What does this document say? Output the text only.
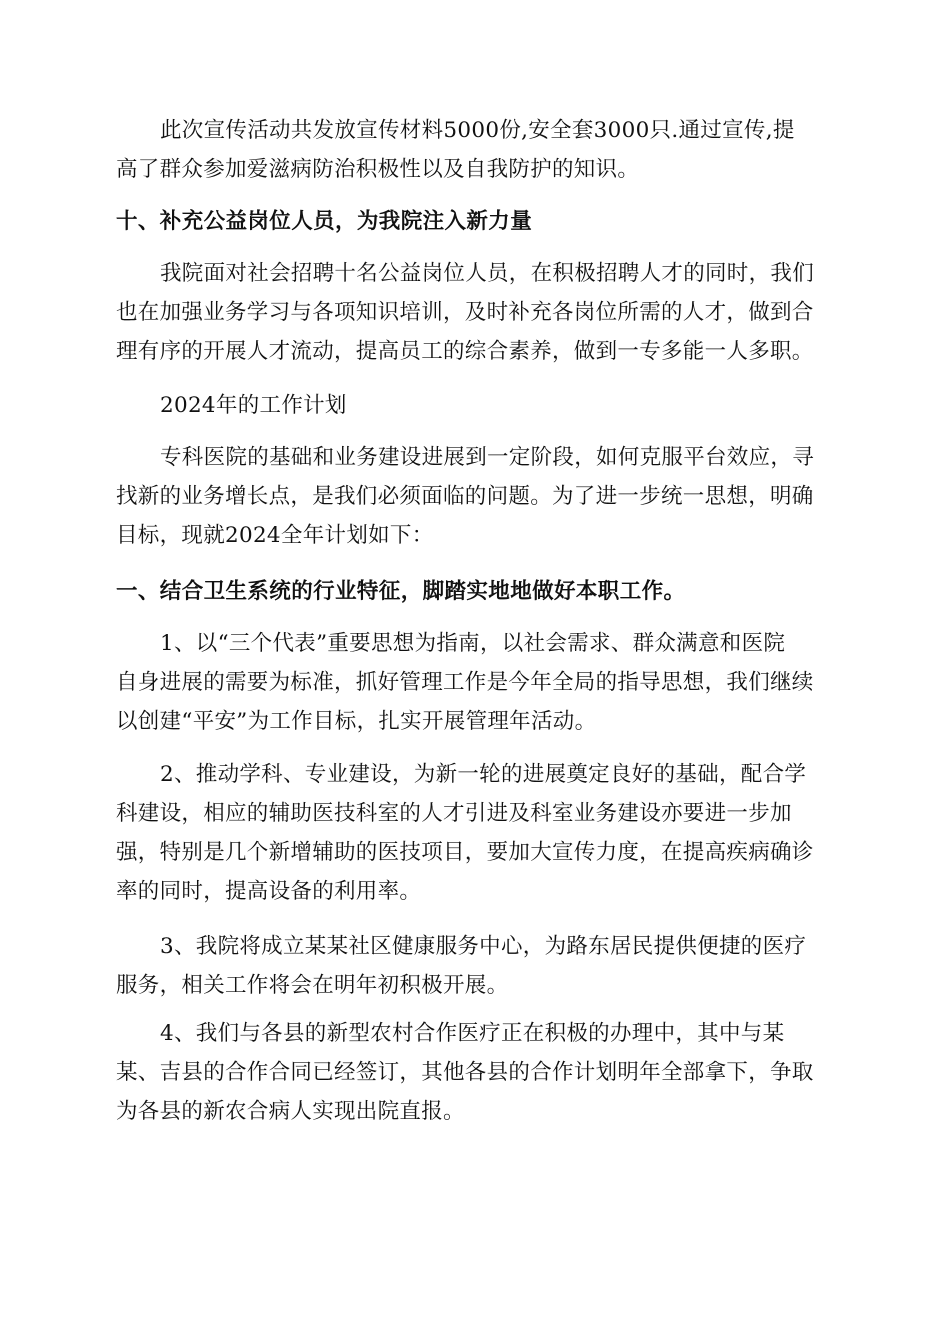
此次宣传活动共发放宣传材料5000份,安全套3000只.通过宣传,提
高了群众参加爱滋病防治积极性以及自我防护的知识。
十、补充公益岗位人员，为我院注入新力量
我院面对社会招聘十名公益岗位人员，在积极招聘人才的同时，我们
也在加强业务学习与各项知识培训，及时补充各岗位所需的人才，做到合
理有序的开展人才流动，提高员工的综合素养，做到一专多能一人多职。
2024年的工作计划
专科医院的基础和业务建设进展到一定阶段，如何克服平台效应，寻
找新的业务增长点，是我们必须面临的问题。为了进一步统一思想，明确
目标，现就2024全年计划如下：
一、结合卫生系统的行业特征，脚踏实地地做好本职工作。
1、以“三个代表”重要思想为指南，以社会需求、群众满意和医院
自身进展的需要为标准，抓好管理工作是今年全局的指导思想，我们继续
以创建“平安”为工作目标，扎实开展管理年活动。
2、推动学科、专业建设，为新一轮的进展奠定良好的基础，配合学
科建设，相应的辅助医技科室的人才引进及科室业务建设亦要进一步加
强，特别是几个新增辅助的医技项目，要加大宣传力度，在提高疾病确诊
率的同时，提高设备的利用率。
3、我院将成立某某社区健康服务中心，为路东居民提供便捷的医疗
服务，相关工作将会在明年初积极开展。
4、我们与各县的新型农村合作医疗正在积极的办理中，其中与某
某、吉县的合作合同已经签订，其他各县的合作计划明年全部拿下，争取
为各县的新农合病人实现出院直报。
